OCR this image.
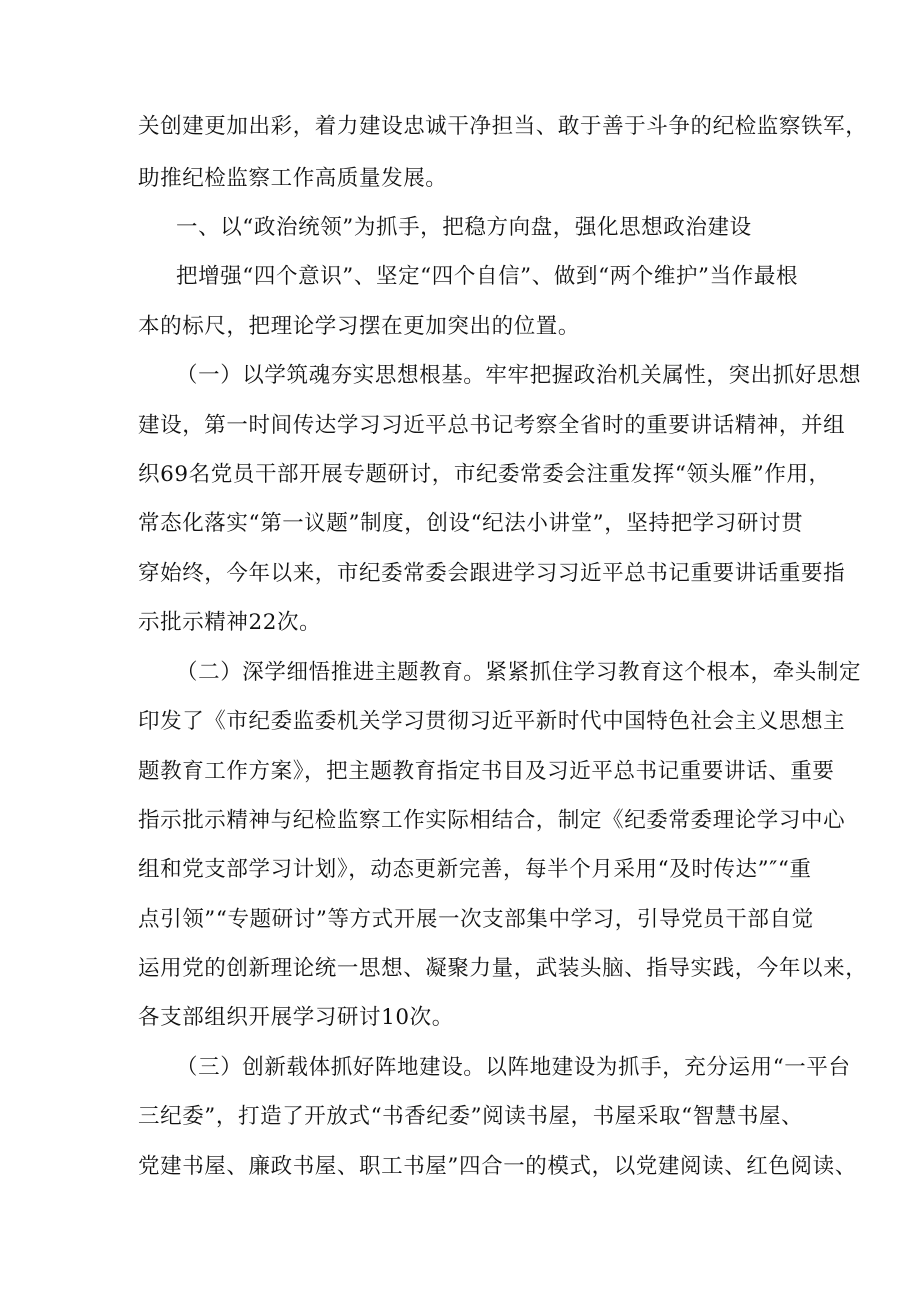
关创建更加出彩，着力建设忠诚干净担当、敢于善于斗争的纪检监察铁军，
助推纪检监察工作高质量发展。
一、以“政治统领”为抓手，把稳方向盘，强化思想政治建设
把增强“四个意识”、坚定“四个自信”、做到“两个维护”当作最根
本的标尺，把理论学习摆在更加突出的位置。
（一）以学筑魂夯实思想根基。牢牢把握政治机关属性，突出抓好思想
建设，第一时间传达学习习近平总书记考察全省时的重要讲话精神，并组
织69名党员干部开展专题研讨，市纪委常委会注重发挥“领头雁”作用，
常态化落实“第一议题”制度，创设“纪法小讲堂”，坚持把学习研讨贯
穿始终，今年以来，市纪委常委会跟进学习习近平总书记重要讲话重要指
示批示精神22次。
（二）深学细悟推进主题教育。紧紧抓住学习教育这个根本，牵头制定
印发了《市纪委监委机关学习贯彻习近平新时代中国特色社会主义思想主
题教育工作方案》，把主题教育指定书目及习近平总书记重要讲话、重要
指示批示精神与纪检监察工作实际相结合，制定《纪委常委理论学习中心
组和党支部学习计划》，动态更新完善，每半个月采用“及时传达”″“重
点引领”“专题研讨”等方式开展一次支部集中学习，引导党员干部自觉
运用党的创新理论统一思想、凝聚力量，武装头脑、指导实践，今年以来，
各支部组织开展学习研讨10次。
（三）创新载体抓好阵地建设。以阵地建设为抓手，充分运用“一平台
三纪委”，打造了开放式“书香纪委”阅读书屋，书屋采取“智慧书屋、
党建书屋、廉政书屋、职工书屋”四合一的模式，以党建阅读、红色阅读、
